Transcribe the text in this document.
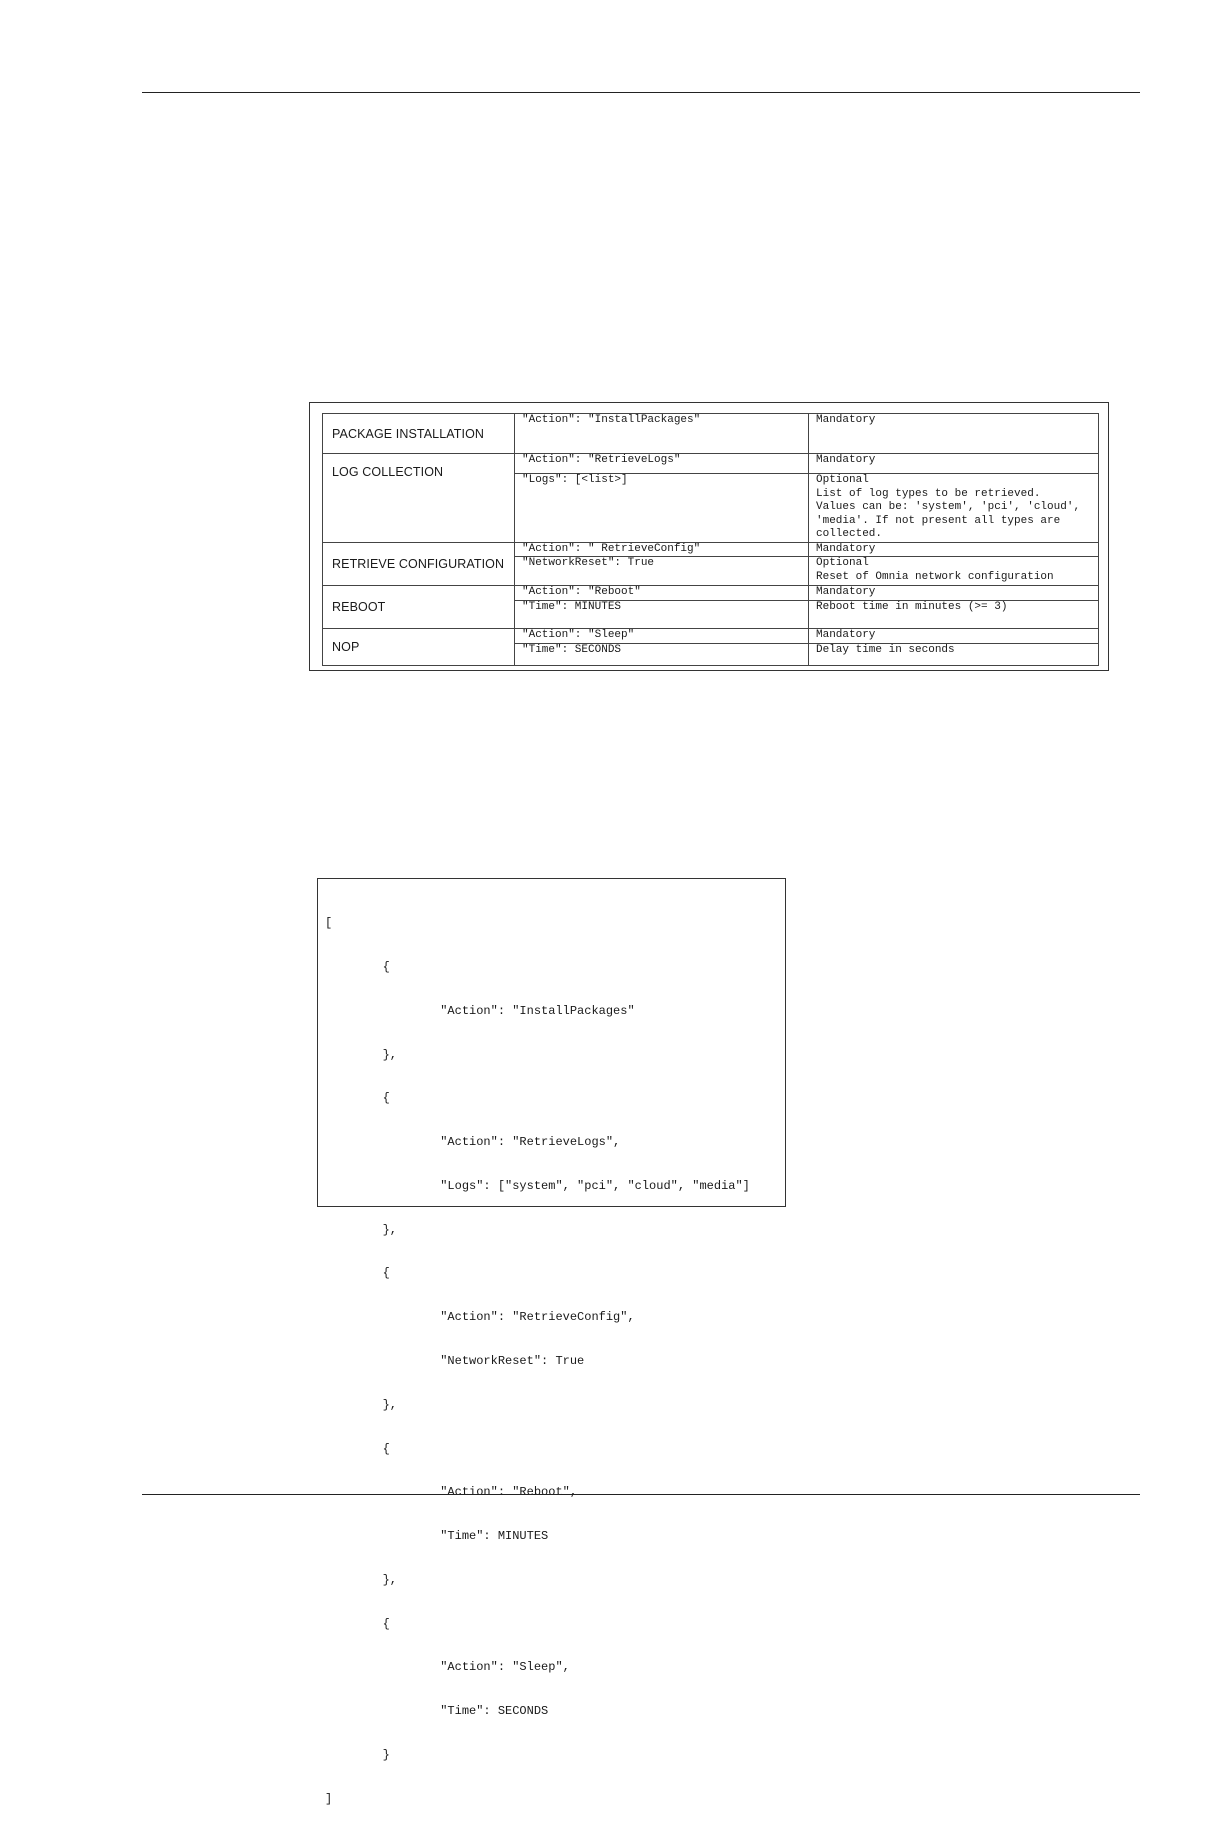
PACKAGE INSTALLATION	"Action": "InstallPackages"	Mandatory

LOG COLLECTION	"Action": "RetrieveLogs"	Mandatory

	"Logs": [<list>]	Optional
List of log types to be retrieved.
Values can be: 'system', 'pci', 'cloud',
'media'. If not present all types are
collected.

RETRIEVE CONFIGURATION	"Action": " RetrieveConfig"	Mandatory

	"NetworkReset": True	Optional
Reset of Omnia network configuration

REBOOT	"Action": "Reboot"	Mandatory

	"Time": MINUTES	Reboot time in minutes (>= 3)

NOP	"Action": "Sleep"	Mandatory

	"Time": SECONDS	Delay time in seconds

[

{

"Action": "InstallPackages"

},

{

"Action": "RetrieveLogs",

"Logs": ["system", "pci", "cloud", "media"]

},

{

"Action": "RetrieveConfig",

"NetworkReset": True

},

{

"Action": "Reboot",

"Time": MINUTES

},

{

"Action": "Sleep",

"Time": SECONDS

}

]
